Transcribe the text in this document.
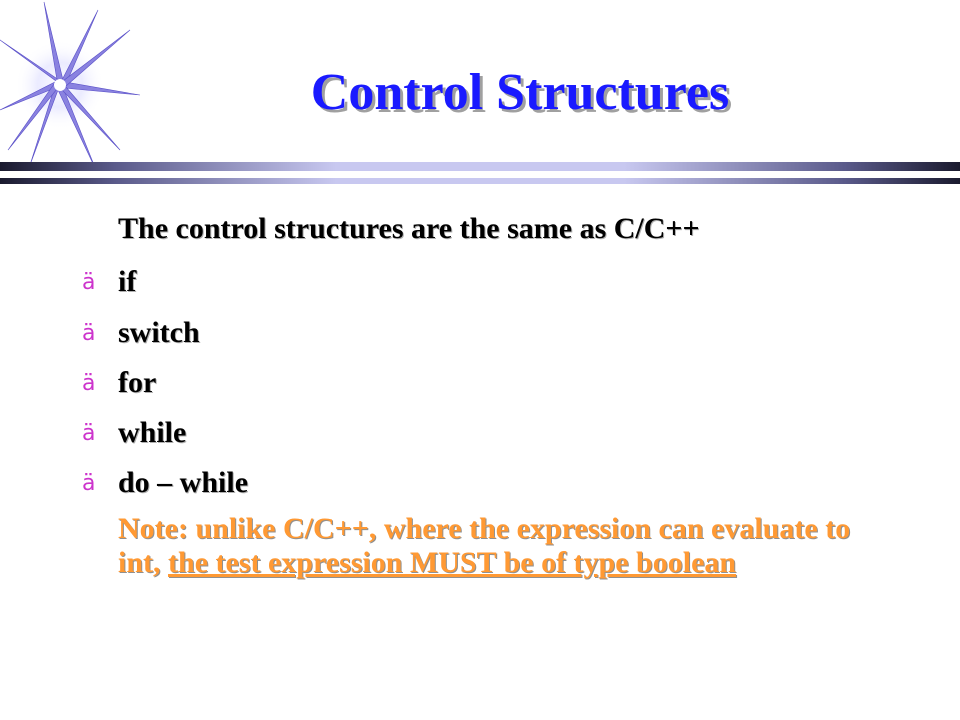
Control Structures
The control structures are the same as C/C++
ä if
ä switch
ä for
ä while
ä do – while
Note: unlike C/C++, where the expression can evaluate to int, the test expression MUST be of type boolean
